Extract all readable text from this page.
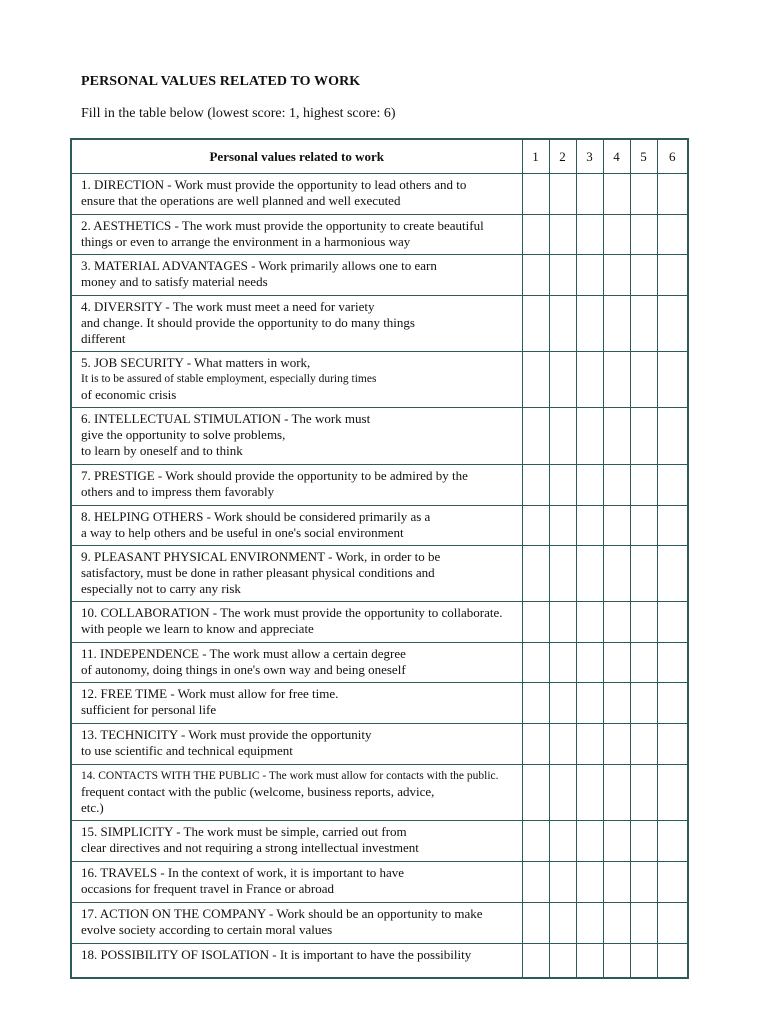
PERSONAL VALUES RELATED TO WORK
Fill in the table below (lowest score: 1, highest score: 6)
Personal values related to work	1	2	3	4	5	6

1. DIRECTION - Work must provide the opportunity to lead others and to
ensure that the operations are well planned and well executed						

2. AESTHETICS - The work must provide the opportunity to create beautiful
things or even to arrange the environment in a harmonious way						

3. MATERIAL ADVANTAGES - Work primarily allows one to earn
money and to satisfy material needs						

4. DIVERSITY - The work must meet a need for variety
and change. It should provide the opportunity to do many things
different						

5. JOB SECURITY - What matters in work,
It is to be assured of stable employment, especially during times
of economic crisis						

6. INTELLECTUAL STIMULATION - The work must
give the opportunity to solve problems,
to learn by oneself and to think						

7. PRESTIGE - Work should provide the opportunity to be admired by the
others and to impress them favorably						

8. HELPING OTHERS - Work should be considered primarily as a
a way to help others and be useful in one's social environment						

9. PLEASANT PHYSICAL ENVIRONMENT - Work, in order to be
satisfactory, must be done in rather pleasant physical conditions and
especially not to carry any risk						

10. COLLABORATION - The work must provide the opportunity to collaborate.
with people we learn to know and appreciate						

11. INDEPENDENCE - The work must allow a certain degree
of autonomy, doing things in one's own way and being oneself						

12. FREE TIME - Work must allow for free time.
sufficient for personal life						

13. TECHNICITY - Work must provide the opportunity
to use scientific and technical equipment						

14. CONTACTS WITH THE PUBLIC - The work must allow for contacts with the public.
frequent contact with the public (welcome, business reports, advice,
etc.)						

15. SIMPLICITY - The work must be simple, carried out from
clear directives and not requiring a strong intellectual investment						

16. TRAVELS - In the context of work, it is important to have
occasions for frequent travel in France or abroad						

17. ACTION ON THE COMPANY - Work should be an opportunity to make
evolve society according to certain moral values						

18. POSSIBILITY OF ISOLATION - It is important to have the possibility						
